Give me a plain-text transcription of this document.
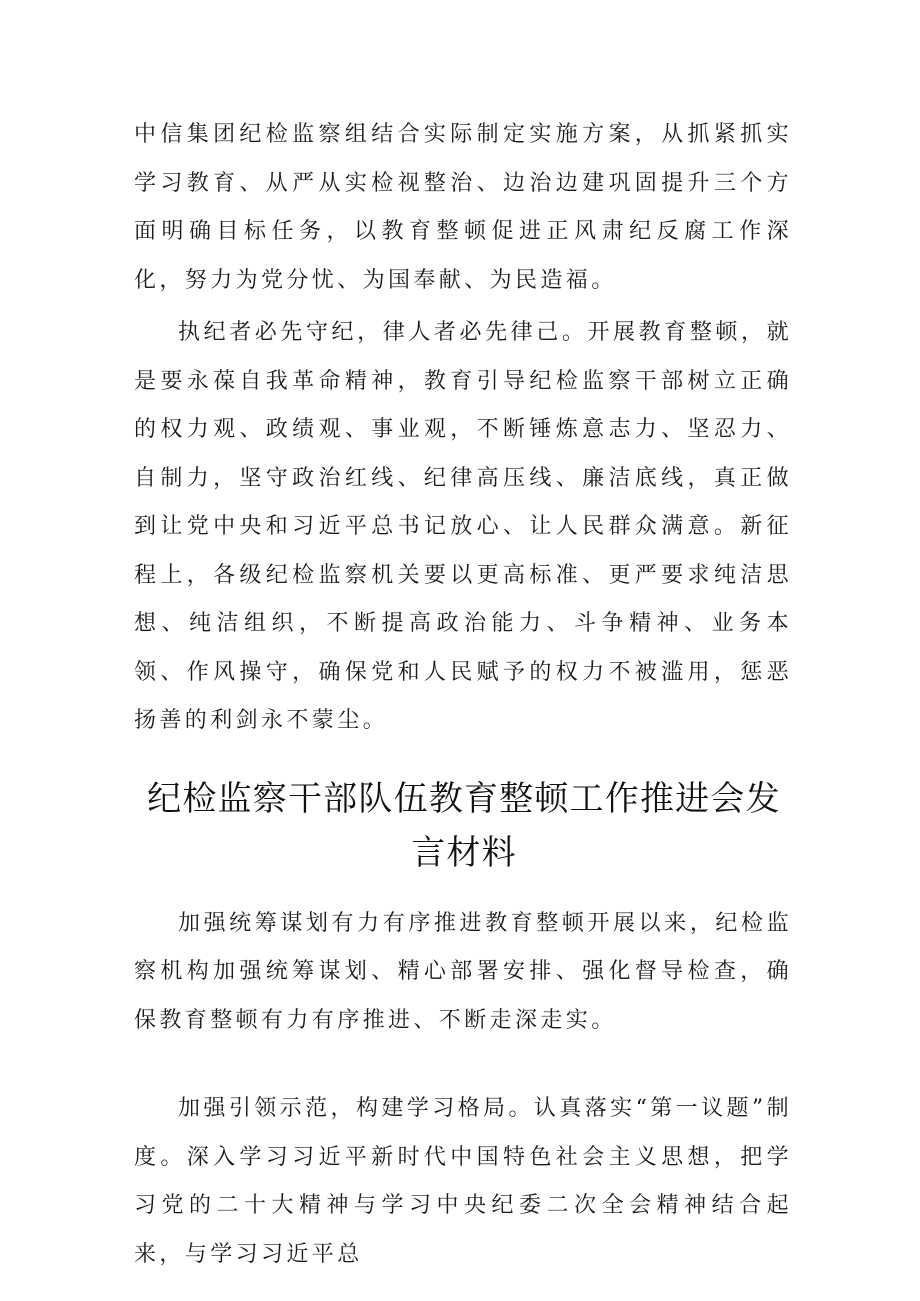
中信集团纪检监察组结合实际制定实施方案，从抓紧抓实学习教育、从严从实检视整治、边治边建巩固提升三个方面明确目标任务，以教育整顿促进正风肃纪反腐工作深化，努力为党分忧、为国奉献、为民造福。

执纪者必先守纪，律人者必先律己。开展教育整顿，就是要永葆自我革命精神，教育引导纪检监察干部树立正确的权力观、政绩观、事业观，不断锤炼意志力、坚忍力、自制力，坚守政治红线、纪律高压线、廉洁底线，真正做到让党中央和习近平总书记放心、让人民群众满意。新征程上，各级纪检监察机关要以更高标准、更严要求纯洁思想、纯洁组织，不断提高政治能力、斗争精神、业务本领、作风操守，确保党和人民赋予的权力不被滥用，惩恶扬善的利剑永不蒙尘。

纪检监察干部队伍教育整顿工作推进会发言材料

加强统筹谋划有力有序推进教育整顿开展以来，纪检监察机构加强统筹谋划、精心部署安排、强化督导检查，确保教育整顿有力有序推进、不断走深走实。

加强引领示范，构建学习格局。认真落实“第一议题”制度。深入学习习近平新时代中国特色社会主义思想，把学习党的二十大精神与学习中央纪委二次全会精神结合起来，与学习习近平总
